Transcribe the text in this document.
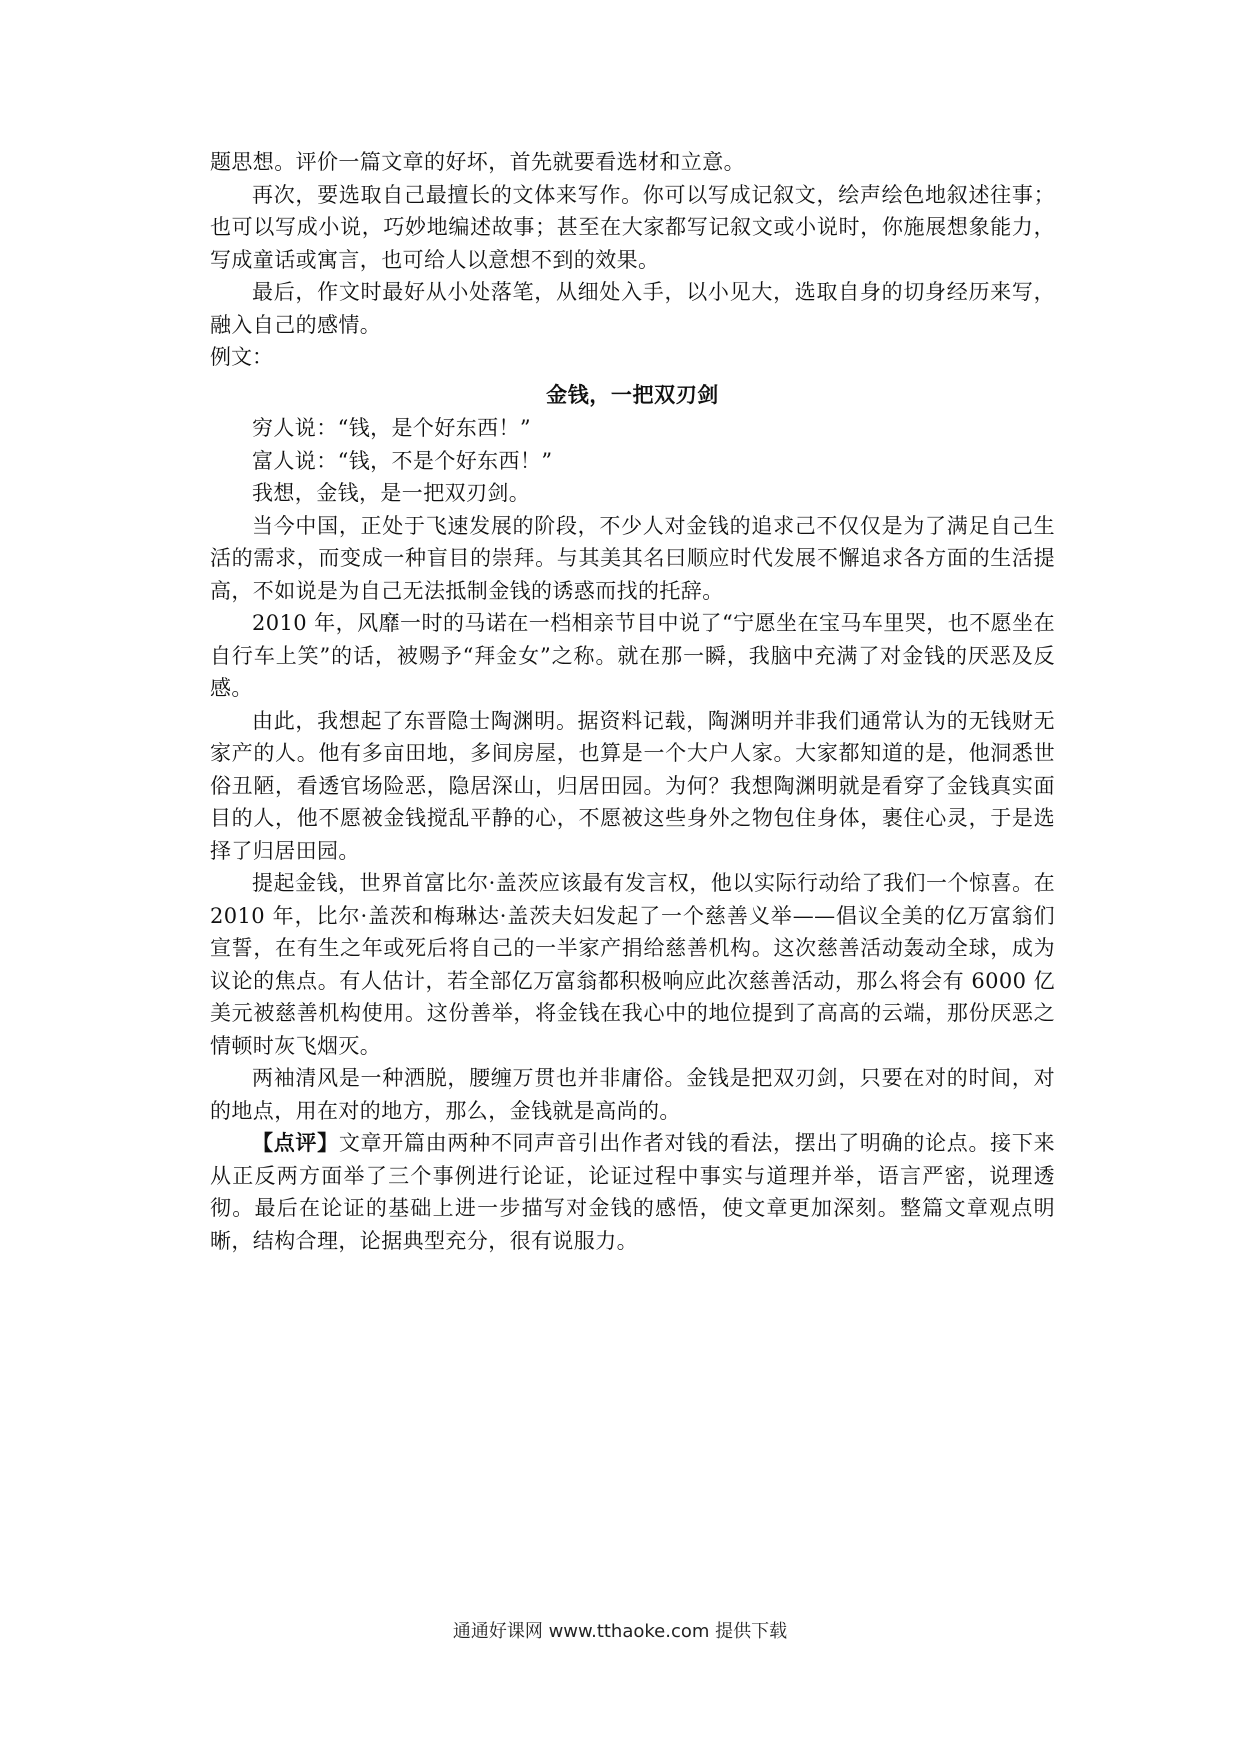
题思想。评价一篇文章的好坏，首先就要看选材和立意。

再次，要选取自己最擅长的文体来写作。你可以写成记叙文，绘声绘色地叙述往事；也可以写成小说，巧妙地编述故事；甚至在大家都写记叙文或小说时，你施展想象能力，写成童话或寓言，也可给人以意想不到的效果。

最后，作文时最好从小处落笔，从细处入手，以小见大，选取自身的切身经历来写，融入自己的感情。

例文：

金钱，一把双刃剑

穷人说：“钱，是个好东西！”

富人说：“钱，不是个好东西！”

我想，金钱，是一把双刃剑。

当今中国，正处于飞速发展的阶段，不少人对金钱的追求己不仅仅是为了满足自己生活的需求，而变成一种盲目的崇拜。与其美其名曰顺应时代发展不懈追求各方面的生活提高，不如说是为自己无法抵制金钱的诱惑而找的托辞。

2010 年，风靡一时的马诺在一档相亲节目中说了“宁愿坐在宝马车里哭，也不愿坐在自行车上笑”的话，被赐予“拜金女”之称。就在那一瞬，我脑中充满了对金钱的厌恶及反感。

由此，我想起了东晋隐士陶渊明。据资料记载，陶渊明并非我们通常认为的无钱财无家产的人。他有多亩田地，多间房屋，也算是一个大户人家。大家都知道的是，他洞悉世俗丑陋，看透官场险恶，隐居深山，归居田园。为何？我想陶渊明就是看穿了金钱真实面目的人，他不愿被金钱搅乱平静的心，不愿被这些身外之物包住身体，裹住心灵，于是选择了归居田园。

提起金钱，世界首富比尔·盖茨应该最有发言权，他以实际行动给了我们一个惊喜。在 2010 年，比尔·盖茨和梅琳达·盖茨夫妇发起了一个慈善义举——倡议全美的亿万富翁们宣誓，在有生之年或死后将自己的一半家产捐给慈善机构。这次慈善活动轰动全球，成为议论的焦点。有人估计，若全部亿万富翁都积极响应此次慈善活动，那么将会有 6000 亿美元被慈善机构使用。这份善举，将金钱在我心中的地位提到了高高的云端，那份厌恶之情顿时灰飞烟灭。

两袖清风是一种洒脱，腰缠万贯也并非庸俗。金钱是把双刃剑，只要在对的时间，对的地点，用在对的地方，那么，金钱就是高尚的。

【点评】文章开篇由两种不同声音引出作者对钱的看法，摆出了明确的论点。接下来从正反两方面举了三个事例进行论证，论证过程中事实与道理并举，语言严密，说理透彻。最后在论证的基础上进一步描写对金钱的感悟，使文章更加深刻。整篇文章观点明晰，结构合理，论据典型充分，很有说服力。

通通好课网 www.tthaoke.com 提供下载
